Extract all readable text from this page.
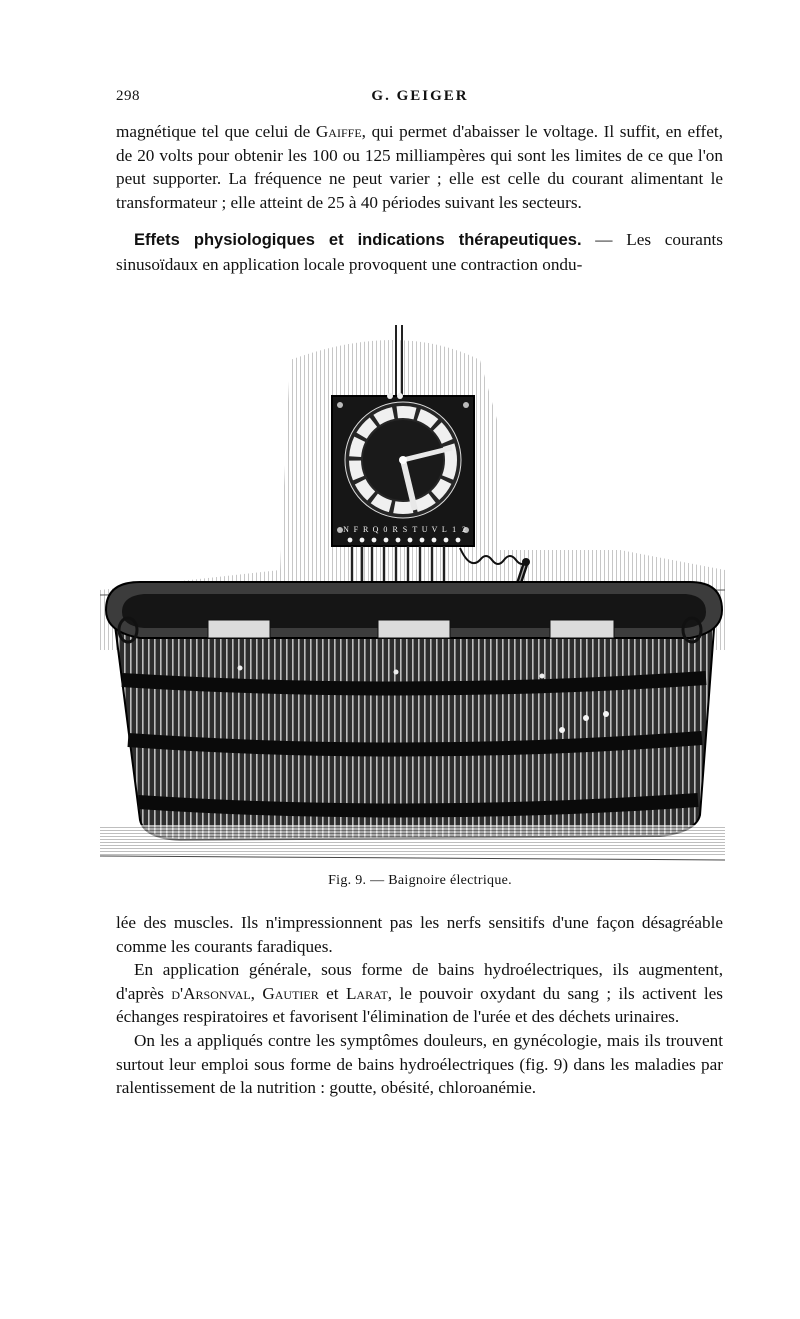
298	G. GEIGER

magnétique tel que celui de Gaiffe, qui permet d'abaisser le voltage. Il suffit, en effet, de 20 volts pour obtenir les 100 ou 125 milliampères qui sont les limites de ce que l'on peut supporter. La fréquence ne peut varier ; elle est celle du courant alimentant le transformateur ; elle atteint de 25 à 40 périodes suivant les secteurs.

Effets physiologiques et indications thérapeutiques. — Les courants sinusoïdaux en application locale provoquent une contraction ondu-

N F R Q 0 R S T U V L 1 2
Fig. 9. — Baignoire électrique.

lée des muscles. Ils n'impressionnent pas les nerfs sensitifs d'une façon désagréable comme les courants faradiques.

En application générale, sous forme de bains hydroélectriques, ils augmentent, d'après d'Arsonval, Gautier et Larat, le pouvoir oxydant du sang ; ils activent les échanges respiratoires et favorisent l'élimination de l'urée et des déchets urinaires.

On les a appliqués contre les symptômes douleurs, en gynécologie, mais ils trouvent surtout leur emploi sous forme de bains hydroélectriques (fig. 9) dans les maladies par ralentissement de la nutrition : goutte, obésité, chloroanémie.
